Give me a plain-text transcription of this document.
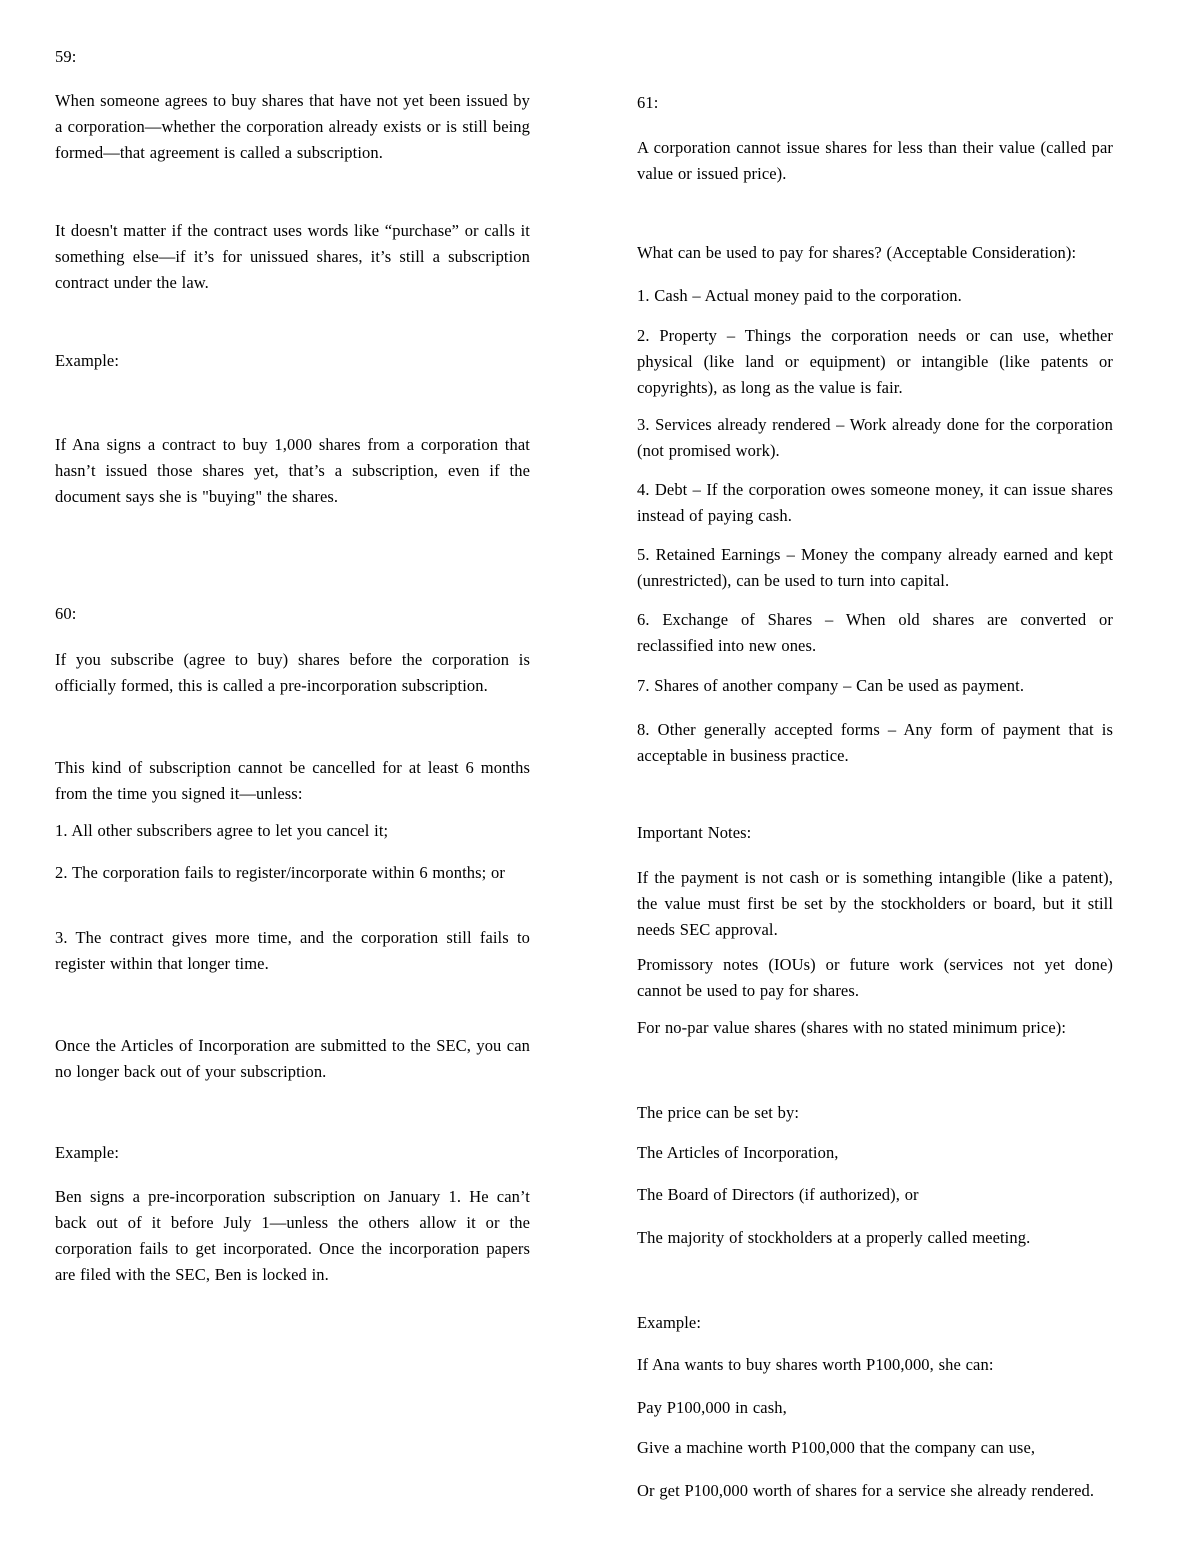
59:

When someone agrees to buy shares that have not yet been issued by a corporation—whether the corporation already exists or is still being formed—that agreement is called a subscription.

It doesn't matter if the contract uses words like “purchase” or calls it something else—if it’s for unissued shares, it’s still a subscription contract under the law.

Example:

If Ana signs a contract to buy 1,000 shares from a corporation that hasn’t issued those shares yet, that’s a subscription, even if the document says she is "buying" the shares.

60:

If you subscribe (agree to buy) shares before the corporation is officially formed, this is called a pre-incorporation subscription.

This kind of subscription cannot be cancelled for at least 6 months from the time you signed it—unless:

1. All other subscribers agree to let you cancel it;

2. The corporation fails to register/incorporate within 6 months; or

3. The contract gives more time, and the corporation still fails to register within that longer time.

Once the Articles of Incorporation are submitted to the SEC, you can no longer back out of your subscription.

Example:

Ben signs a pre-incorporation subscription on January 1. He can’t back out of it before July 1—unless the others allow it or the corporation fails to get incorporated. Once the incorporation papers are filed with the SEC, Ben is locked in.

61:

A corporation cannot issue shares for less than their value (called par value or issued price).

What can be used to pay for shares? (Acceptable Consideration):

1. Cash – Actual money paid to the corporation.

2. Property – Things the corporation needs or can use, whether physical (like land or equipment) or intangible (like patents or copyrights), as long as the value is fair.

3. Services already rendered – Work already done for the corporation (not promised work).

4. Debt – If the corporation owes someone money, it can issue shares instead of paying cash.

5. Retained Earnings – Money the company already earned and kept (unrestricted), can be used to turn into capital.

6. Exchange of Shares – When old shares are converted or reclassified into new ones.

7. Shares of another company – Can be used as payment.

8. Other generally accepted forms – Any form of payment that is acceptable in business practice.

Important Notes:

If the payment is not cash or is something intangible (like a patent), the value must first be set by the stockholders or board, but it still needs SEC approval.

Promissory notes (IOUs) or future work (services not yet done) cannot be used to pay for shares.

For no-par value shares (shares with no stated minimum price):

The price can be set by:

The Articles of Incorporation,

The Board of Directors (if authorized), or

The majority of stockholders at a properly called meeting.

Example:

If Ana wants to buy shares worth P100,000, she can:

Pay P100,000 in cash,

Give a machine worth P100,000 that the company can use,

Or get P100,000 worth of shares for a service she already rendered.
